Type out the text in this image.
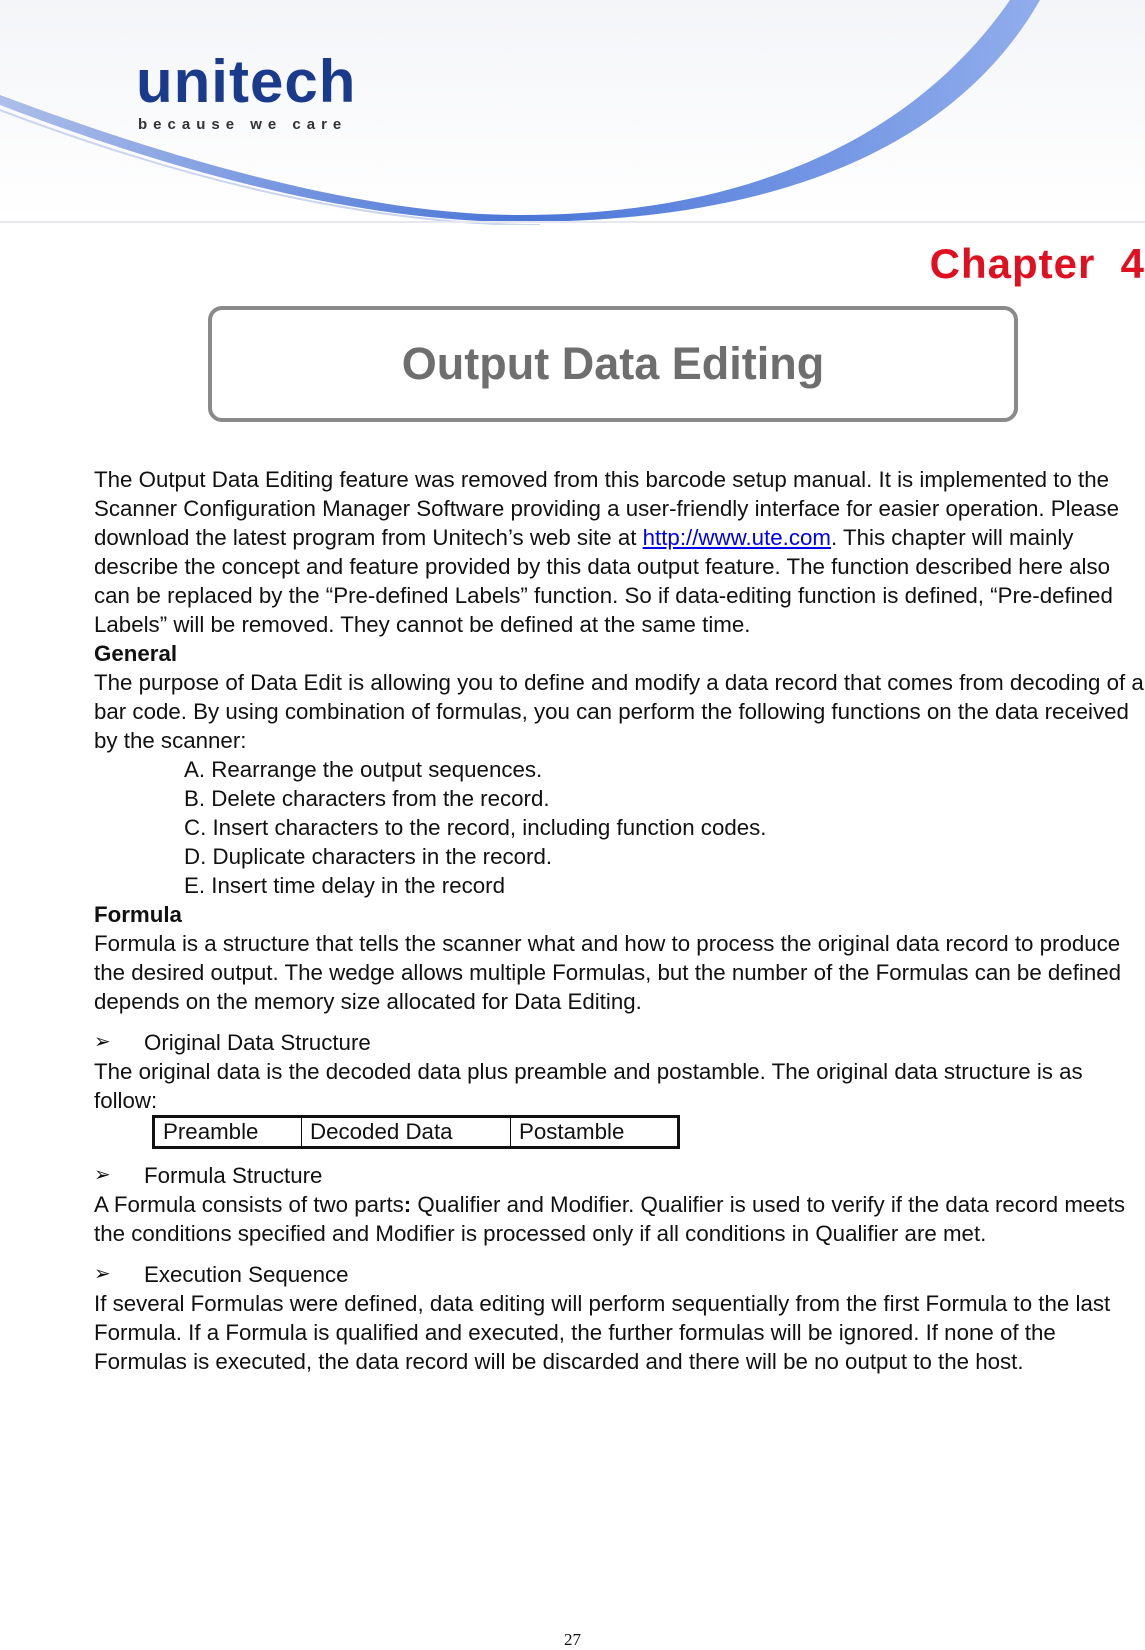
unitech
because we care
Chapter  4
Output Data Editing

The Output Data Editing feature was removed from this barcode setup manual. It is implemented to the Scanner Configuration Manager Software providing a user-friendly interface for easier operation. Please download the latest program from Unitech’s web site at http://www.ute.com. This chapter will mainly describe the concept and feature provided by this data output feature. The function described here also can be replaced by the “Pre-defined Labels” function. So if data-editing function is defined, “Pre-defined Labels” will be removed. They cannot be defined at the same time.

General

The purpose of Data Edit is allowing you to define and modify a data record that comes from decoding of a bar code. By using combination of formulas, you can perform the following functions on the data received by the scanner:

A. Rearrange the output sequences.

B. Delete characters from the record.

C. Insert characters to the record, including function codes.

D. Duplicate characters in the record.

E. Insert time delay in the record

Formula

Formula is a structure that tells the scanner what and how to process the original data record to produce the desired output. The wedge allows multiple Formulas, but the number of the Formulas can be defined depends on the memory size allocated for Data Editing.

➢	Original Data Structure

The original data is the decoded data plus preamble and postamble. The original data structure is as follow:

Preamble	Decoded Data	Postamble
➢	Formula Structure

A Formula consists of two parts: Qualifier and Modifier. Qualifier is used to verify if the data record meets the conditions specified and Modifier is processed only if all conditions in Qualifier are met.

➢	Execution Sequence

If several Formulas were defined, data editing will perform sequentially from the first Formula to the last Formula. If a Formula is qualified and executed, the further formulas will be ignored. If none of the Formulas is executed, the data record will be discarded and there will be no output to the host.

27
